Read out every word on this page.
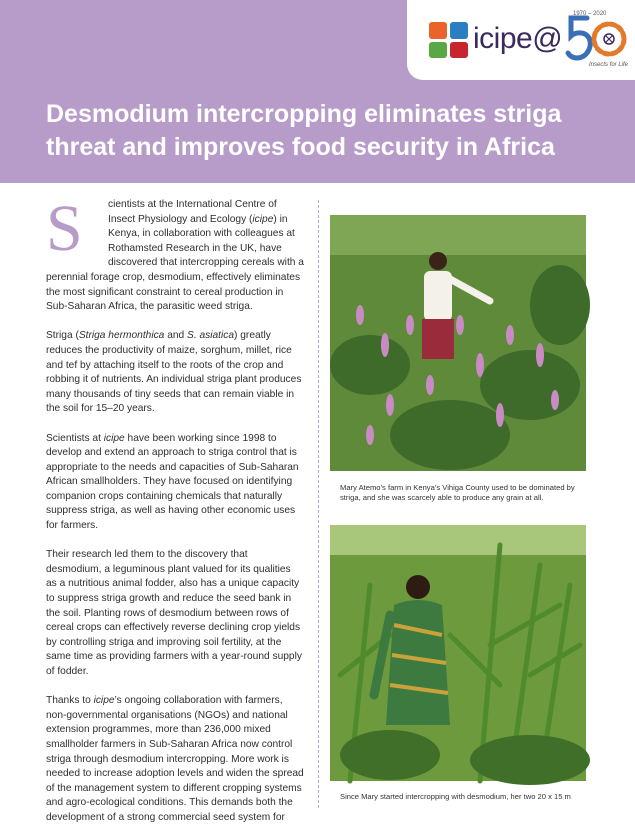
icipe@
1970 – 2020
Insects for Life
Desmodium intercropping eliminates striga threat and improves food security in Africa

S	cientists at the International Centre of Insect Physiology and Ecology (icipe) in Kenya, in collaboration with colleagues at Rothamsted Research in the UK, have discovered that intercropping cereals with a perennial forage crop, desmodium, effectively eliminates the most significant constraint to cereal production in Sub-Saharan Africa, the parasitic weed striga.

Striga (Striga hermonthica and S. asiatica) greatly reduces the productivity of maize, sorghum, millet, rice and tef by attaching itself to the roots of the crop and robbing it of nutrients. An individual striga plant produces many thousands of tiny seeds that can remain viable in the soil for 15–20 years.

Scientists at icipe have been working since 1998 to develop and extend an approach to striga control that is appropriate to the needs and capacities of Sub-Saharan African smallholders. They have focused on identifying companion crops containing chemicals that naturally suppress striga, as well as having other economic uses for farmers.

Their research led them to the discovery that desmodium, a leguminous plant valued for its qualities as a nutritious animal fodder, also has a unique capacity to suppress striga growth and reduce the seed bank in the soil. Planting rows of desmodium between rows of cereal crops can effectively reverse declining crop yields by controlling striga and improving soil fertility, at the same time as providing farmers with a year-round supply of fodder.

Thanks to icipe’s ongoing collaboration with farmers, non-governmental organisations (NGOs) and national extension programmes, more than 236,000 mixed smallholder farmers in Sub-Saharan Africa now control striga through desmodium intercropping. More work is needed to increase adoption levels and widen the spread of the management system to different cropping systems and agro-ecological conditions. This demands both the development of a strong commercial seed system for

Mary Atemo’s farm in Kenya’s Vihiga County used to be dominated by striga, and she was scarcely able to produce any grain at all.
Since Mary started intercropping with desmodium, her two 20 x 15 m
